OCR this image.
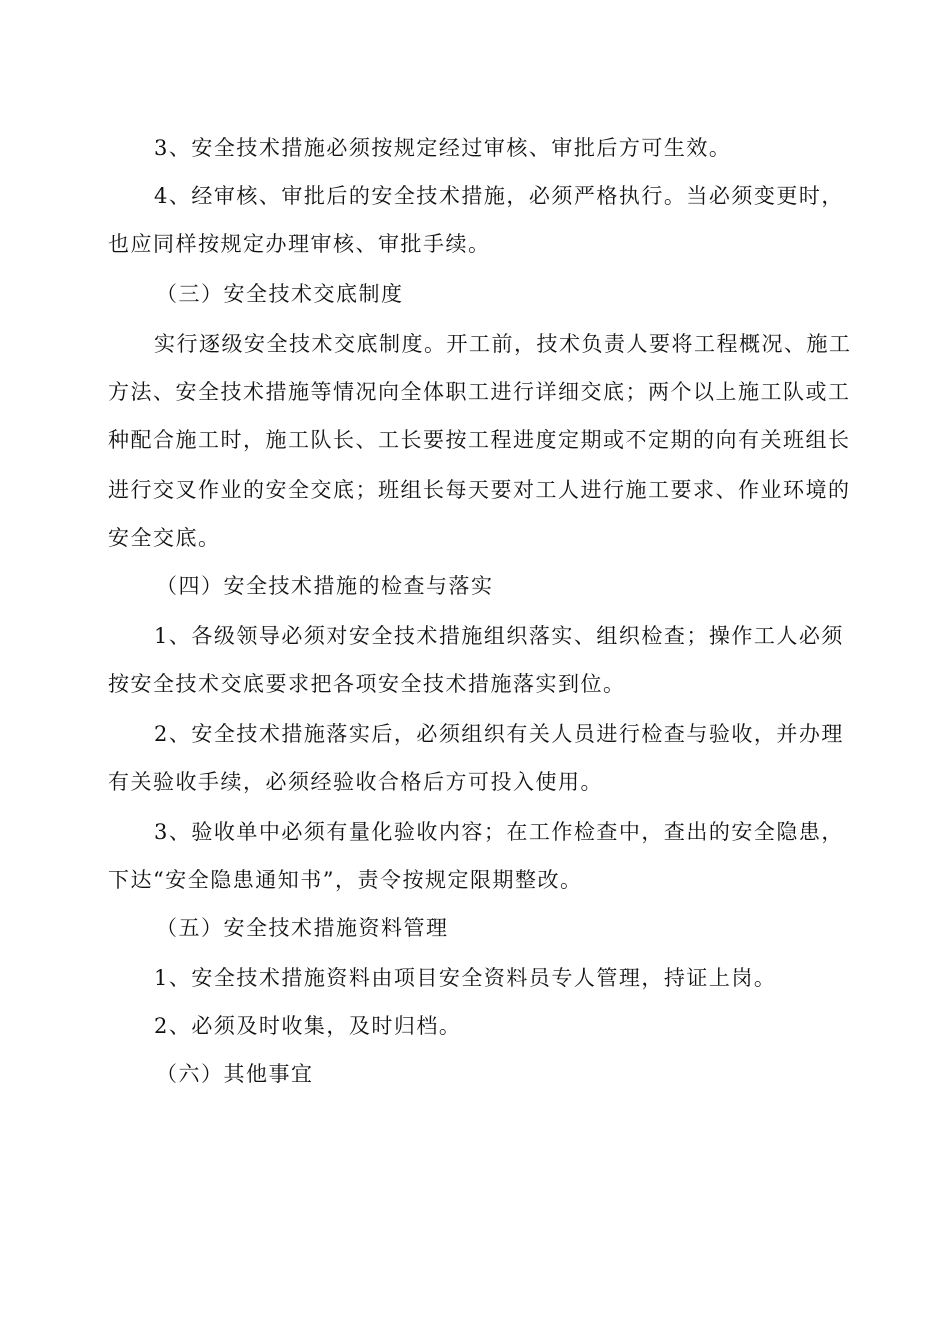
3、安全技术措施必须按规定经过审核、审批后方可生效。
4、经审核、审批后的安全技术措施，必须严格执行。当必须变更时，
也应同样按规定办理审核、审批手续。
（三）安全技术交底制度
实行逐级安全技术交底制度。开工前，技术负责人要将工程概况、施工
方法、安全技术措施等情况向全体职工进行详细交底；两个以上施工队或工
种配合施工时，施工队长、工长要按工程进度定期或不定期的向有关班组长
进行交叉作业的安全交底；班组长每天要对工人进行施工要求、作业环境的
安全交底。
（四）安全技术措施的检查与落实
1、各级领导必须对安全技术措施组织落实、组织检查；操作工人必须
按安全技术交底要求把各项安全技术措施落实到位。
2、安全技术措施落实后，必须组织有关人员进行检查与验收，并办理
有关验收手续，必须经验收合格后方可投入使用。
3、验收单中必须有量化验收内容；在工作检查中，查出的安全隐患，
下达“安全隐患通知书”，责令按规定限期整改。
（五）安全技术措施资料管理
1、安全技术措施资料由项目安全资料员专人管理，持证上岗。
2、必须及时收集，及时归档。
（六）其他事宜
